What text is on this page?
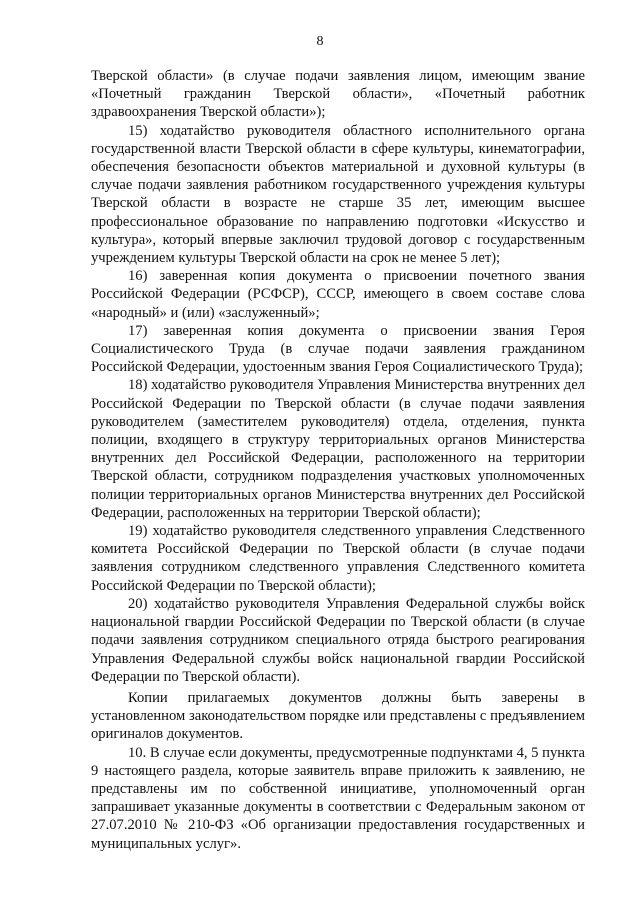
8

Тверской области» (в случае подачи заявления лицом, имеющим звание «Почетный гражданин Тверской области», «Почетный работник здравоохранения Тверской области»);

15) ходатайство руководителя областного исполнительного органа государственной власти Тверской области в сфере культуры, кинематографии, обеспечения безопасности объектов материальной и духовной культуры (в случае подачи заявления работником государственного учреждения культуры Тверской области в возрасте не старше 35 лет, имеющим высшее профессиональное образование по направлению подготовки «Искусство и культура», который впервые заключил трудовой договор с государственным учреждением культуры Тверской области на срок не менее 5 лет);

16) заверенная копия документа о присвоении почетного звания Российской Федерации (РСФСР), СССР, имеющего в своем составе слова «народный» и (или) «заслуженный»;

17) заверенная копия документа о присвоении звания Героя Социалистического Труда (в случае подачи заявления гражданином Российской Федерации, удостоенным звания Героя Социалистического Труда);

18) ходатайство руководителя Управления Министерства внутренних дел Российской Федерации по Тверской области (в случае подачи заявления руководителем (заместителем руководителя) отдела, отделения, пункта полиции, входящего в структуру территориальных органов Министерства внутренних дел Российской Федерации, расположенного на территории Тверской области, сотрудником подразделения участковых уполномоченных полиции территориальных органов Министерства внутренних дел Российской Федерации, расположенных на территории Тверской области);

19) ходатайство руководителя следственного управления Следственного комитета Российской Федерации по Тверской области (в случае подачи заявления сотрудником следственного управления Следственного комитета Российской Федерации по Тверской области);

20) ходатайство руководителя Управления Федеральной службы войск национальной гвардии Российской Федерации по Тверской области (в случае подачи заявления сотрудником специального отряда быстрого реагирования Управления Федеральной службы войск национальной гвардии Российской Федерации по Тверской области).

Копии прилагаемых документов должны быть заверены в установленном законодательством порядке или представлены с предъявлением оригиналов документов.

10. В случае если документы, предусмотренные подпунктами 4, 5 пункта 9 настоящего раздела, которые заявитель вправе приложить к заявлению, не представлены им по собственной инициативе, уполномоченный орган запрашивает указанные документы в соответствии с Федеральным законом от 27.07.2010 № 210-ФЗ «Об организации предоставления государственных и муниципальных услуг».
